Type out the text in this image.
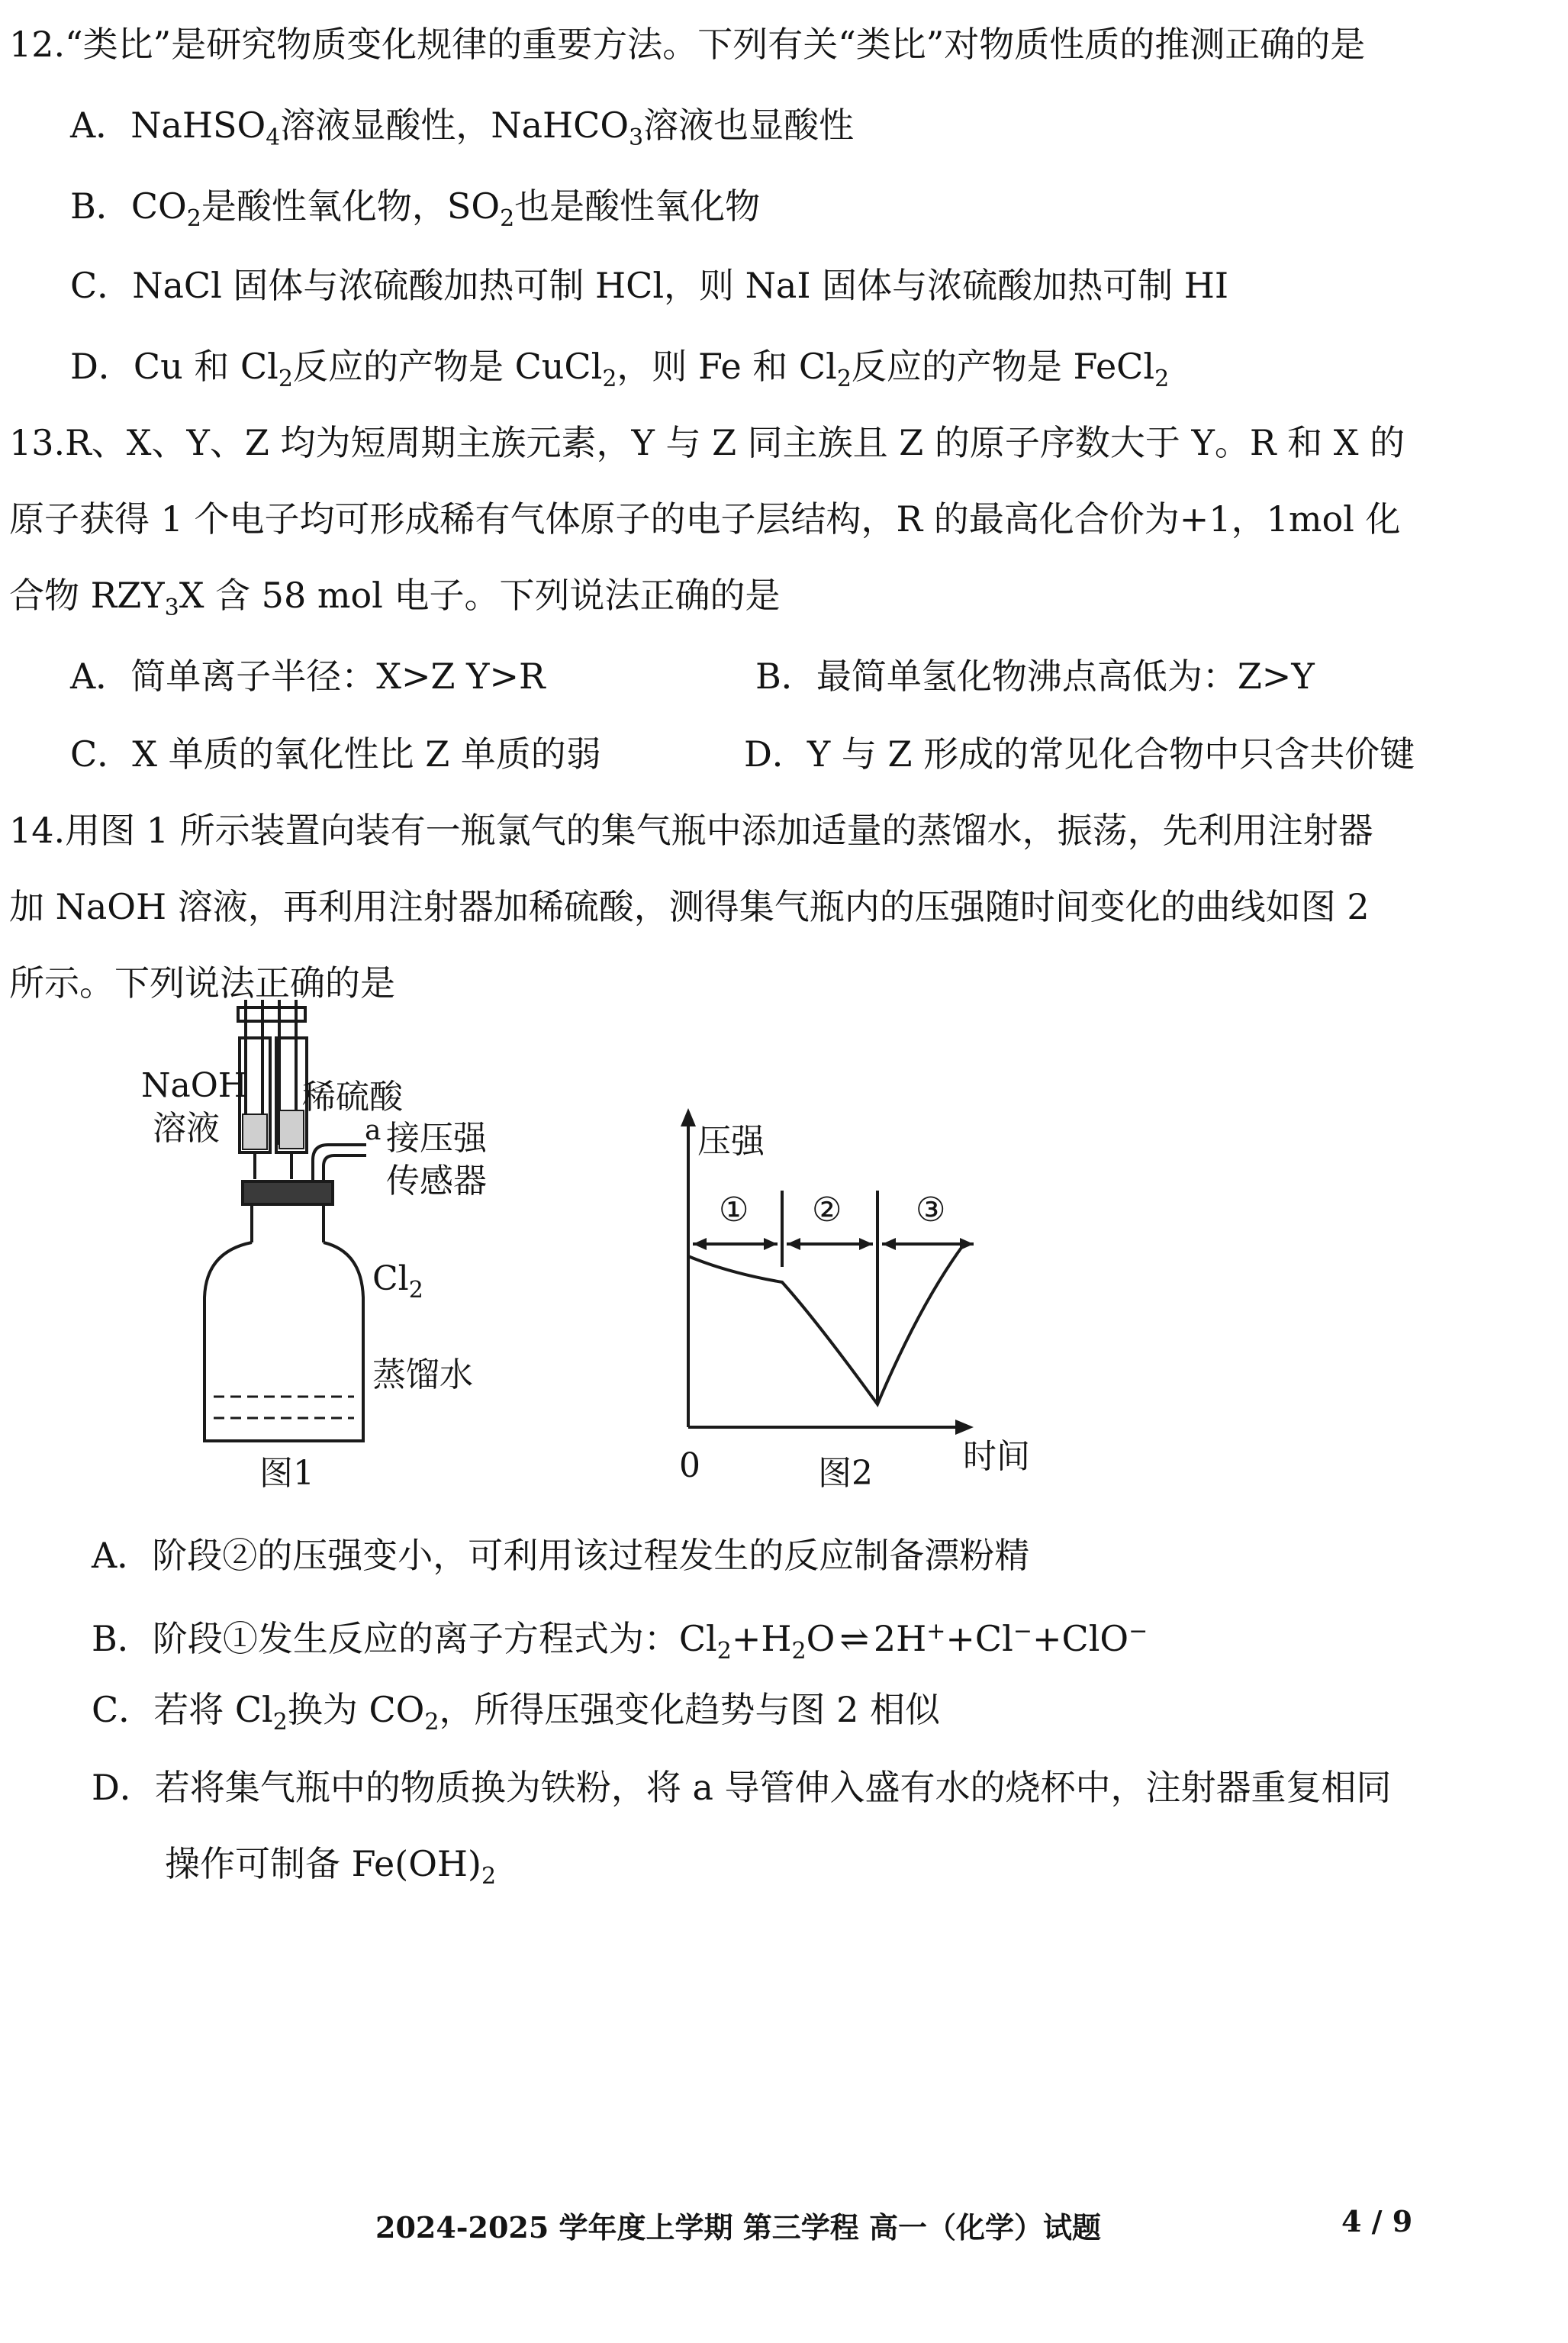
12.“类比”是研究物质变化规律的重要方法。下列有关“类比”对物质性质的推测正确的是
A．NaHSO$_4$溶液显酸性，NaHCO$_3$溶液也显酸性
B．$CO_2$是酸性氧化物，$SO_2$也是酸性氧化物
C．NaCl 固体与浓硫酸加热可制 HCl，则 NaI 固体与浓硫酸加热可制 HI
D．Cu 和 $Cl_2$反应的产物是 CuCl$_2$，则 Fe 和 $Cl_2$反应的产物是 FeCl$_2$
13.R、X、Y、Z 均为短周期主族元素，Y 与 Z 同主族且 Z 的原子序数大于 Y。R 和 X 的
原子获得 1 个电子均可形成稀有气体原子的电子层结构，R 的最高化合价为+1，1mol 化
合物 $RZY_3X$ 含 58 mol 电子。下列说法正确的是
A．简单离子半径：X>Z Y>R	B．最简单氢化物沸点高低为：Z>Y
C．X 单质的氧化性比 Z 单质的弱	D．Y 与 Z 形成的常见化合物中只含共价键
14.用图 1 所示装置向装有一瓶氯气的集气瓶中添加适量的蒸馏水，振荡，先利用注射器
加 NaOH 溶液，再利用注射器加稀硫酸，测得集气瓶内的压强随时间变化的曲线如图 2
所示。下列说法正确的是
NaOH
溶液
稀硫酸
a 接压强
传感器
$Cl_2$
蒸馏水
图1
压强
① ② ③
0	时间
图2
A．阶段②的压强变小，可利用该过程发生的反应制备漂粉精
B．阶段①发生反应的离子方程式为：$Cl_2+H_2O$ ⇌ 2H++Cl−+ClO−
C．若将 $Cl_2$换为 $CO_2$，所得压强变化趋势与图 2 相似
D．若将集气瓶中的物质换为铁粉，将 a 导管伸入盛有水的烧杯中，注射器重复相同
操作可制备 $Fe(OH)_2$
2024-2025 学年度上学期 第三学程 高一（化学）试题	4 / 9
